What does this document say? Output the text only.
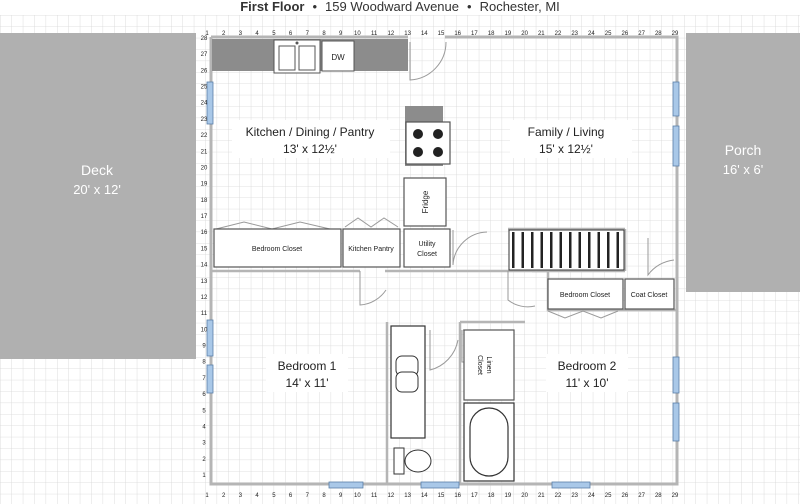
First Floor • 159 Woodward Avenue • Rochester, MI
DW
Fridge
Bedroom Closet	Kitchen Pantry
Utility
Closet
Bedroom Closet	Coat Closet
Linen
Closet
Deck
20' x 12'
Porch
16' x 6'
Kitchen / Dining / Pantry
13' x 12½'
Family / Living
15' x 12½'
Bedroom 1
14' x 11'
Bedroom 2
11' x 10'
1 2 3 4 5 6 7 8 9 10 11 12 13 14 15 16 17 18 19 20 21 22 23 24 25 26 27 28 29
1 2 3 4 5 6 7 8 9 10 11 12 13 14 15 16 17 18 19 20 21 22 23 24 25 26 27 28 29
28
27
26
25
24
23
22
21
20
19
18
17
16
15
14
13
12
11
10
9
8
7
6
5
4
3
2
1
